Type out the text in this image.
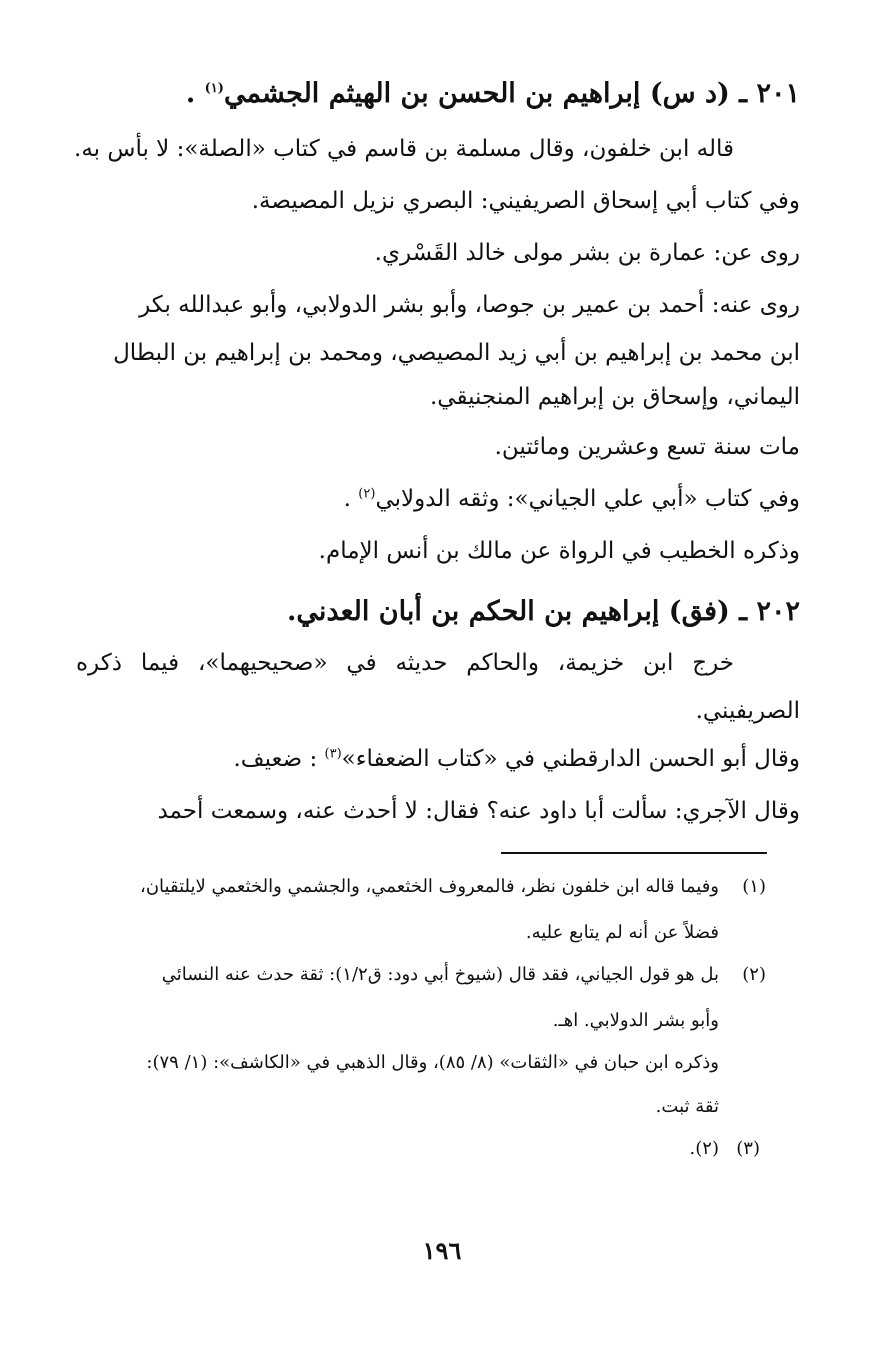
٢٠١ ـ (د س) إبراهيم بن الحسن بن الهيثم الجشمي$^{(١)}$ .
قاله ابن خلفون، وقال مسلمة بن قاسم في كتاب «الصلة»: لا بأس به.
وفي كتاب أبي إسحاق الصريفيني: البصري نزيل المصيصة.
روى عن: عمارة بن بشر مولى خالد القَسْري.
روى عنه: أحمد بن عمير بن جوصا، وأبو بشر الدولابي، وأبو عبدالله بكر
ابن محمد بن إبراهيم بن أبي زيد المصيصي، ومحمد بن إبراهيم بن البطال
اليماني، وإسحاق بن إبراهيم المنجنيقي.
مات سنة تسع وعشرين ومائتين.
وفي كتاب «أبي علي الجياني»: وثقه الدولابي$^{(٢)}$ .
وذكره الخطيب في الرواة عن مالك بن أنس الإمام.
٢٠٢ ـ (فق) إبراهيم بن الحكم بن أبان العدني.
خرج ابن خزيمة، والحاكم حديثه في «صحيحيهما»، فيما ذكره
الصريفيني.
وقال أبو الحسن الدارقطني في «كتاب الضعفاء»$^{(٣)}$ : ضعيف.
وقال الآجري: سألت أبا داود عنه؟ فقال: لا أحدث عنه، وسمعت أحمد
(١)
وفيما قاله ابن خلفون نظر، فالمعروف الخثعمي، والجشمي والخثعمي لايلتقيان،
فضلاً عن أنه لم يتابع عليه.
(٢)
بل هو قول الجياني، فقد قال (شيوخ أبي دود: ق١/٢): ثقة حدث عنه النسائي
وأبو بشر الدولابي. اهـ.
وذكره ابن حبان في «الثقات» (٨/ ٨٥)، وقال الذهبي في «الكاشف»: (١/ ٧٩):
ثقة ثبت.
(٣)
(٢).
١٩٦
